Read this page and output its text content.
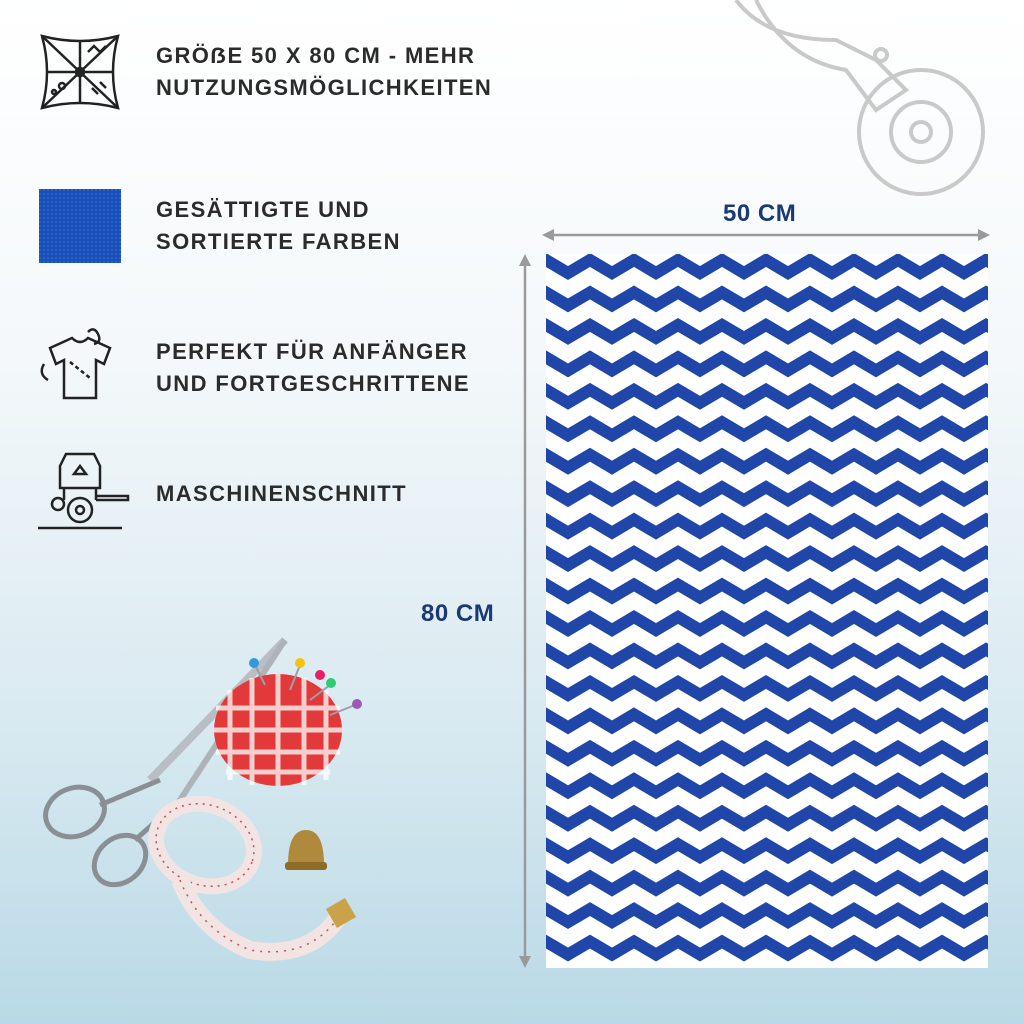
GRÖẞE 50 X 80 CM - MEHR
NUTZUNGSMÖGLICHKEITEN
GESÄTTIGTE UND
SORTIERTE FARBEN
PERFEKT FÜR ANFÄNGER
UND FORTGESCHRITTENE
MASCHINENSCHNITT
50 CM
80 CM
